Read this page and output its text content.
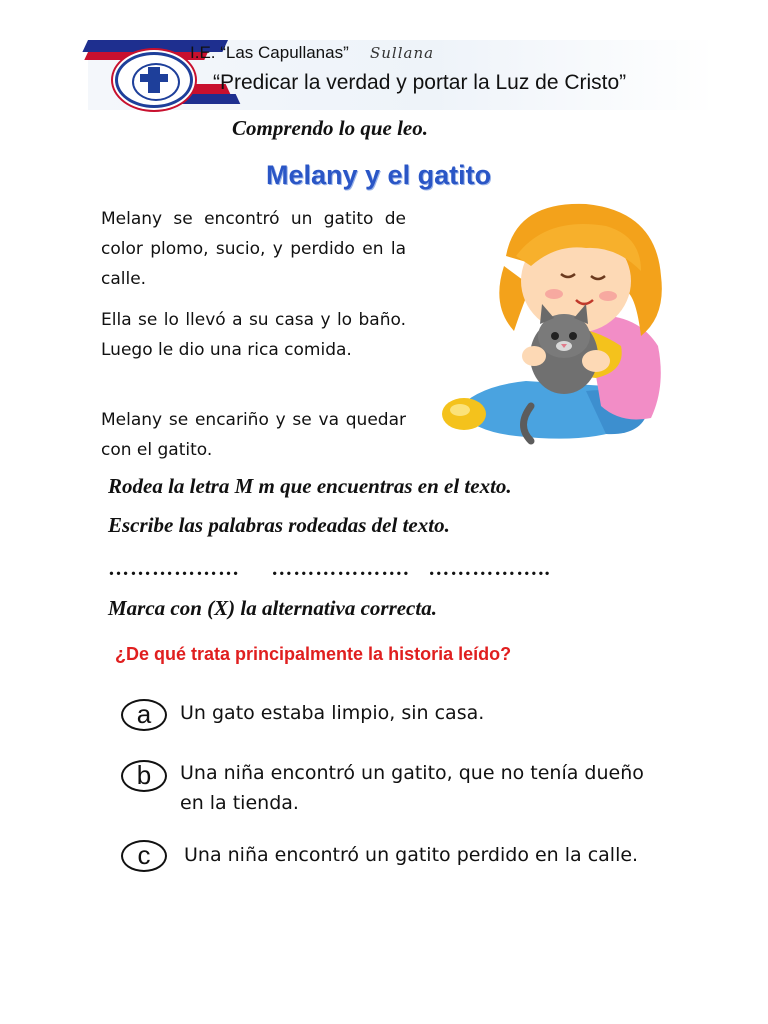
I.E. “Las Capullanas” Sullana
“Predicar la verdad y portar la Luz de Cristo”
Comprendo lo que leo.
Melany y el gatito
Melany se encontró un gatito de color plomo, sucio, y perdido en la calle.
Ella se lo llevó a su casa y lo baño. Luego le dio una rica comida.
Melany se encariño y se va quedar con el gatito.
Rodea la letra M m que encuentras en el texto.
Escribe las palabras rodeadas del texto.
………………     ……………….   ……………..
Marca con (X) la alternativa correcta.
¿De qué trata principalmente la historia leído?
a	Un gato estaba limpio, sin casa.
b	Una niña encontró un gatito, que no tenía dueño en la tienda.
c	Una niña encontró un gatito perdido en la calle.
